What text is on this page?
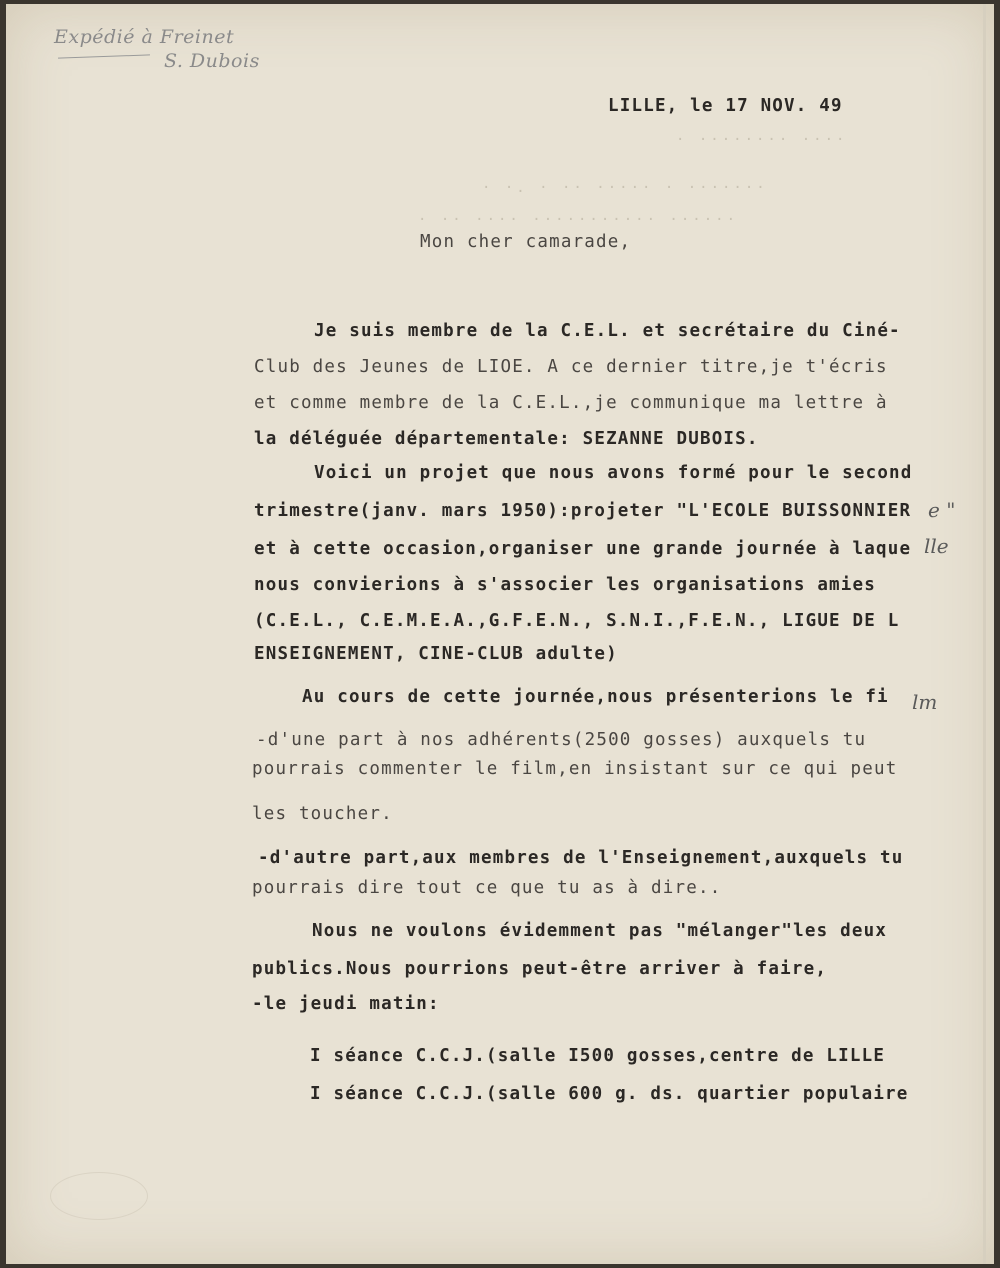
Expédié à Freinet
S. Dubois
LILLE, le 17 NOV. 49
· ········ ····
· ·. · ·· ····· · ·······
· ·· ···· ··········· ······
Mon cher camarade,
Je suis membre de la C.E.L. et secrétaire du Ciné-
Club des Jeunes de LIOE. A ce dernier titre,je t'écris
et comme membre de la C.E.L.,je communique ma lettre à
la déléguée départementale: SEZANNE DUBOIS.
Voici un projet que nous avons formé pour le second
trimestre(janv. mars 1950):projeter "L'ECOLE BUISSONNIER e "
et à cette occasion,organiser une grande journée à laque lle
nous convierions à s'associer les organisations amies
(C.E.L., C.E.M.E.A.,G.F.E.N., S.N.I.,F.E.N., LIGUE DE L
ENSEIGNEMENT, CINE-CLUB adulte)
Au cours de cette journée,nous présenterions le fi lm
-d'une part à nos adhérents(2500 gosses) auxquels tu
pourrais commenter le film,en insistant sur ce qui peut
les toucher.
-d'autre part,aux membres de l'Enseignement,auxquels tu
pourrais dire tout ce que tu as à dire..
Nous ne voulons évidemment pas "mélanger"les deux
publics.Nous pourrions peut-être arriver à faire,
-le jeudi matin:
I séance C.C.J.(salle I500 gosses,centre de LILLE
I séance C.C.J.(salle 600 g. ds. quartier populaire
